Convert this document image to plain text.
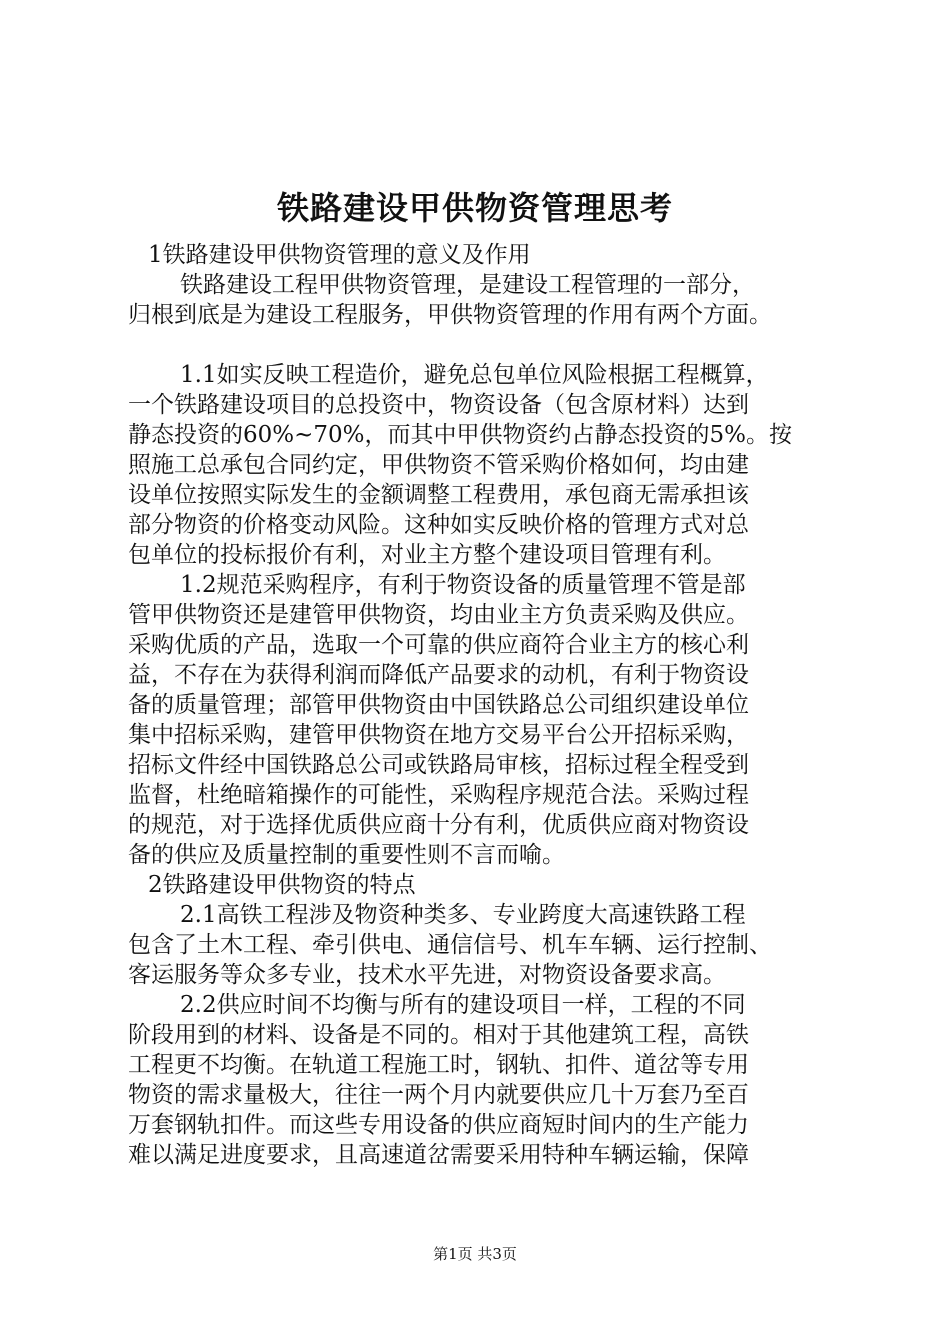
铁路建设甲供物资管理思考
1铁路建设甲供物资管理的意义及作用
铁路建设工程甲供物资管理，是建设工程管理的一部分，
归根到底是为建设工程服务，甲供物资管理的作用有两个方面。
1.1如实反映工程造价，避免总包单位风险根据工程概算，
一个铁路建设项目的总投资中，物资设备（包含原材料）达到
静态投资的60%~70%，而其中甲供物资约占静态投资的5%。按
照施工总承包合同约定，甲供物资不管采购价格如何，均由建
设单位按照实际发生的金额调整工程费用，承包商无需承担该
部分物资的价格变动风险。这种如实反映价格的管理方式对总
包单位的投标报价有利，对业主方整个建设项目管理有利。
1.2规范采购程序，有利于物资设备的质量管理不管是部
管甲供物资还是建管甲供物资，均由业主方负责采购及供应。
采购优质的产品，选取一个可靠的供应商符合业主方的核心利
益，不存在为获得利润而降低产品要求的动机，有利于物资设
备的质量管理；部管甲供物资由中国铁路总公司组织建设单位
集中招标采购，建管甲供物资在地方交易平台公开招标采购，
招标文件经中国铁路总公司或铁路局审核，招标过程全程受到
监督，杜绝暗箱操作的可能性，采购程序规范合法。采购过程
的规范，对于选择优质供应商十分有利，优质供应商对物资设
备的供应及质量控制的重要性则不言而喻。
2铁路建设甲供物资的特点
2.1高铁工程涉及物资种类多、专业跨度大高速铁路工程
包含了土木工程、牵引供电、通信信号、机车车辆、运行控制、
客运服务等众多专业，技术水平先进，对物资设备要求高。
2.2供应时间不均衡与所有的建设项目一样，工程的不同
阶段用到的材料、设备是不同的。相对于其他建筑工程，高铁
工程更不均衡。在轨道工程施工时，钢轨、扣件、道岔等专用
物资的需求量极大，往往一两个月内就要供应几十万套乃至百
万套钢轨扣件。而这些专用设备的供应商短时间内的生产能力
难以满足进度要求，且高速道岔需要采用特种车辆运输，保障
第1页 共3页
